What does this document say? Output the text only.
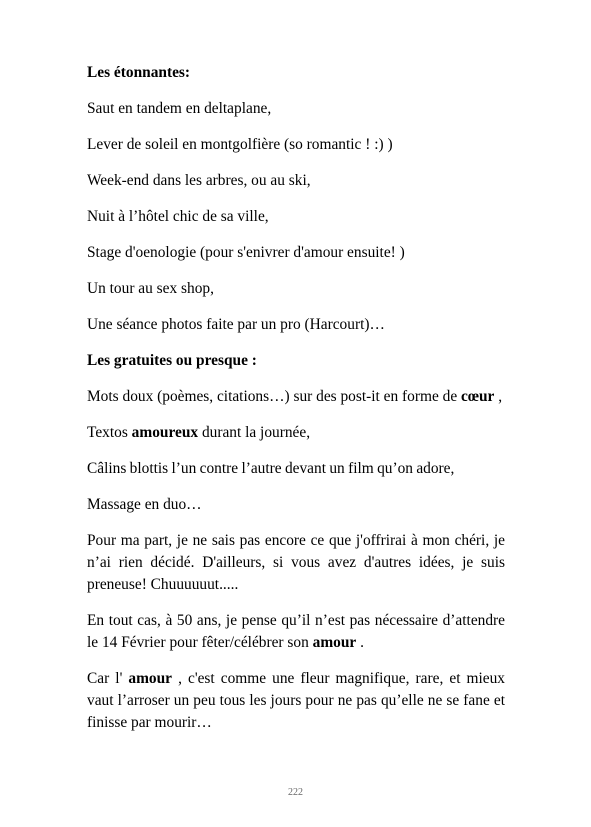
Les étonnantes:

Saut en tandem en deltaplane,

Lever de soleil en montgolfière (so romantic ! :) )

Week-end dans les arbres, ou au ski,

Nuit à l’hôtel chic de sa ville,

Stage d'oenologie (pour s'enivrer d'amour ensuite! )

Un tour au sex shop,

Une séance photos faite par un pro (Harcourt)…

Les gratuites ou presque :

Mots doux (poèmes, citations…) sur des post-it en forme de cœur ,

Textos amoureux durant la journée,

Câlins blottis l’un contre l’autre devant un film qu’on adore,

Massage en duo…

Pour ma part, je ne sais pas encore ce que j'offrirai à mon chéri, je n’ai rien décidé. D'ailleurs, si vous avez d'autres idées, je suis preneuse! Chuuuuuut.....

En tout cas, à 50 ans, je pense qu’il n’est pas nécessaire d’attendre le 14 Février pour fêter/célébrer son amour .

Car l' amour , c'est comme une fleur magnifique, rare, et mieux vaut l’arroser un peu tous les jours pour ne pas qu’elle ne se fane et finisse par mourir…

222
